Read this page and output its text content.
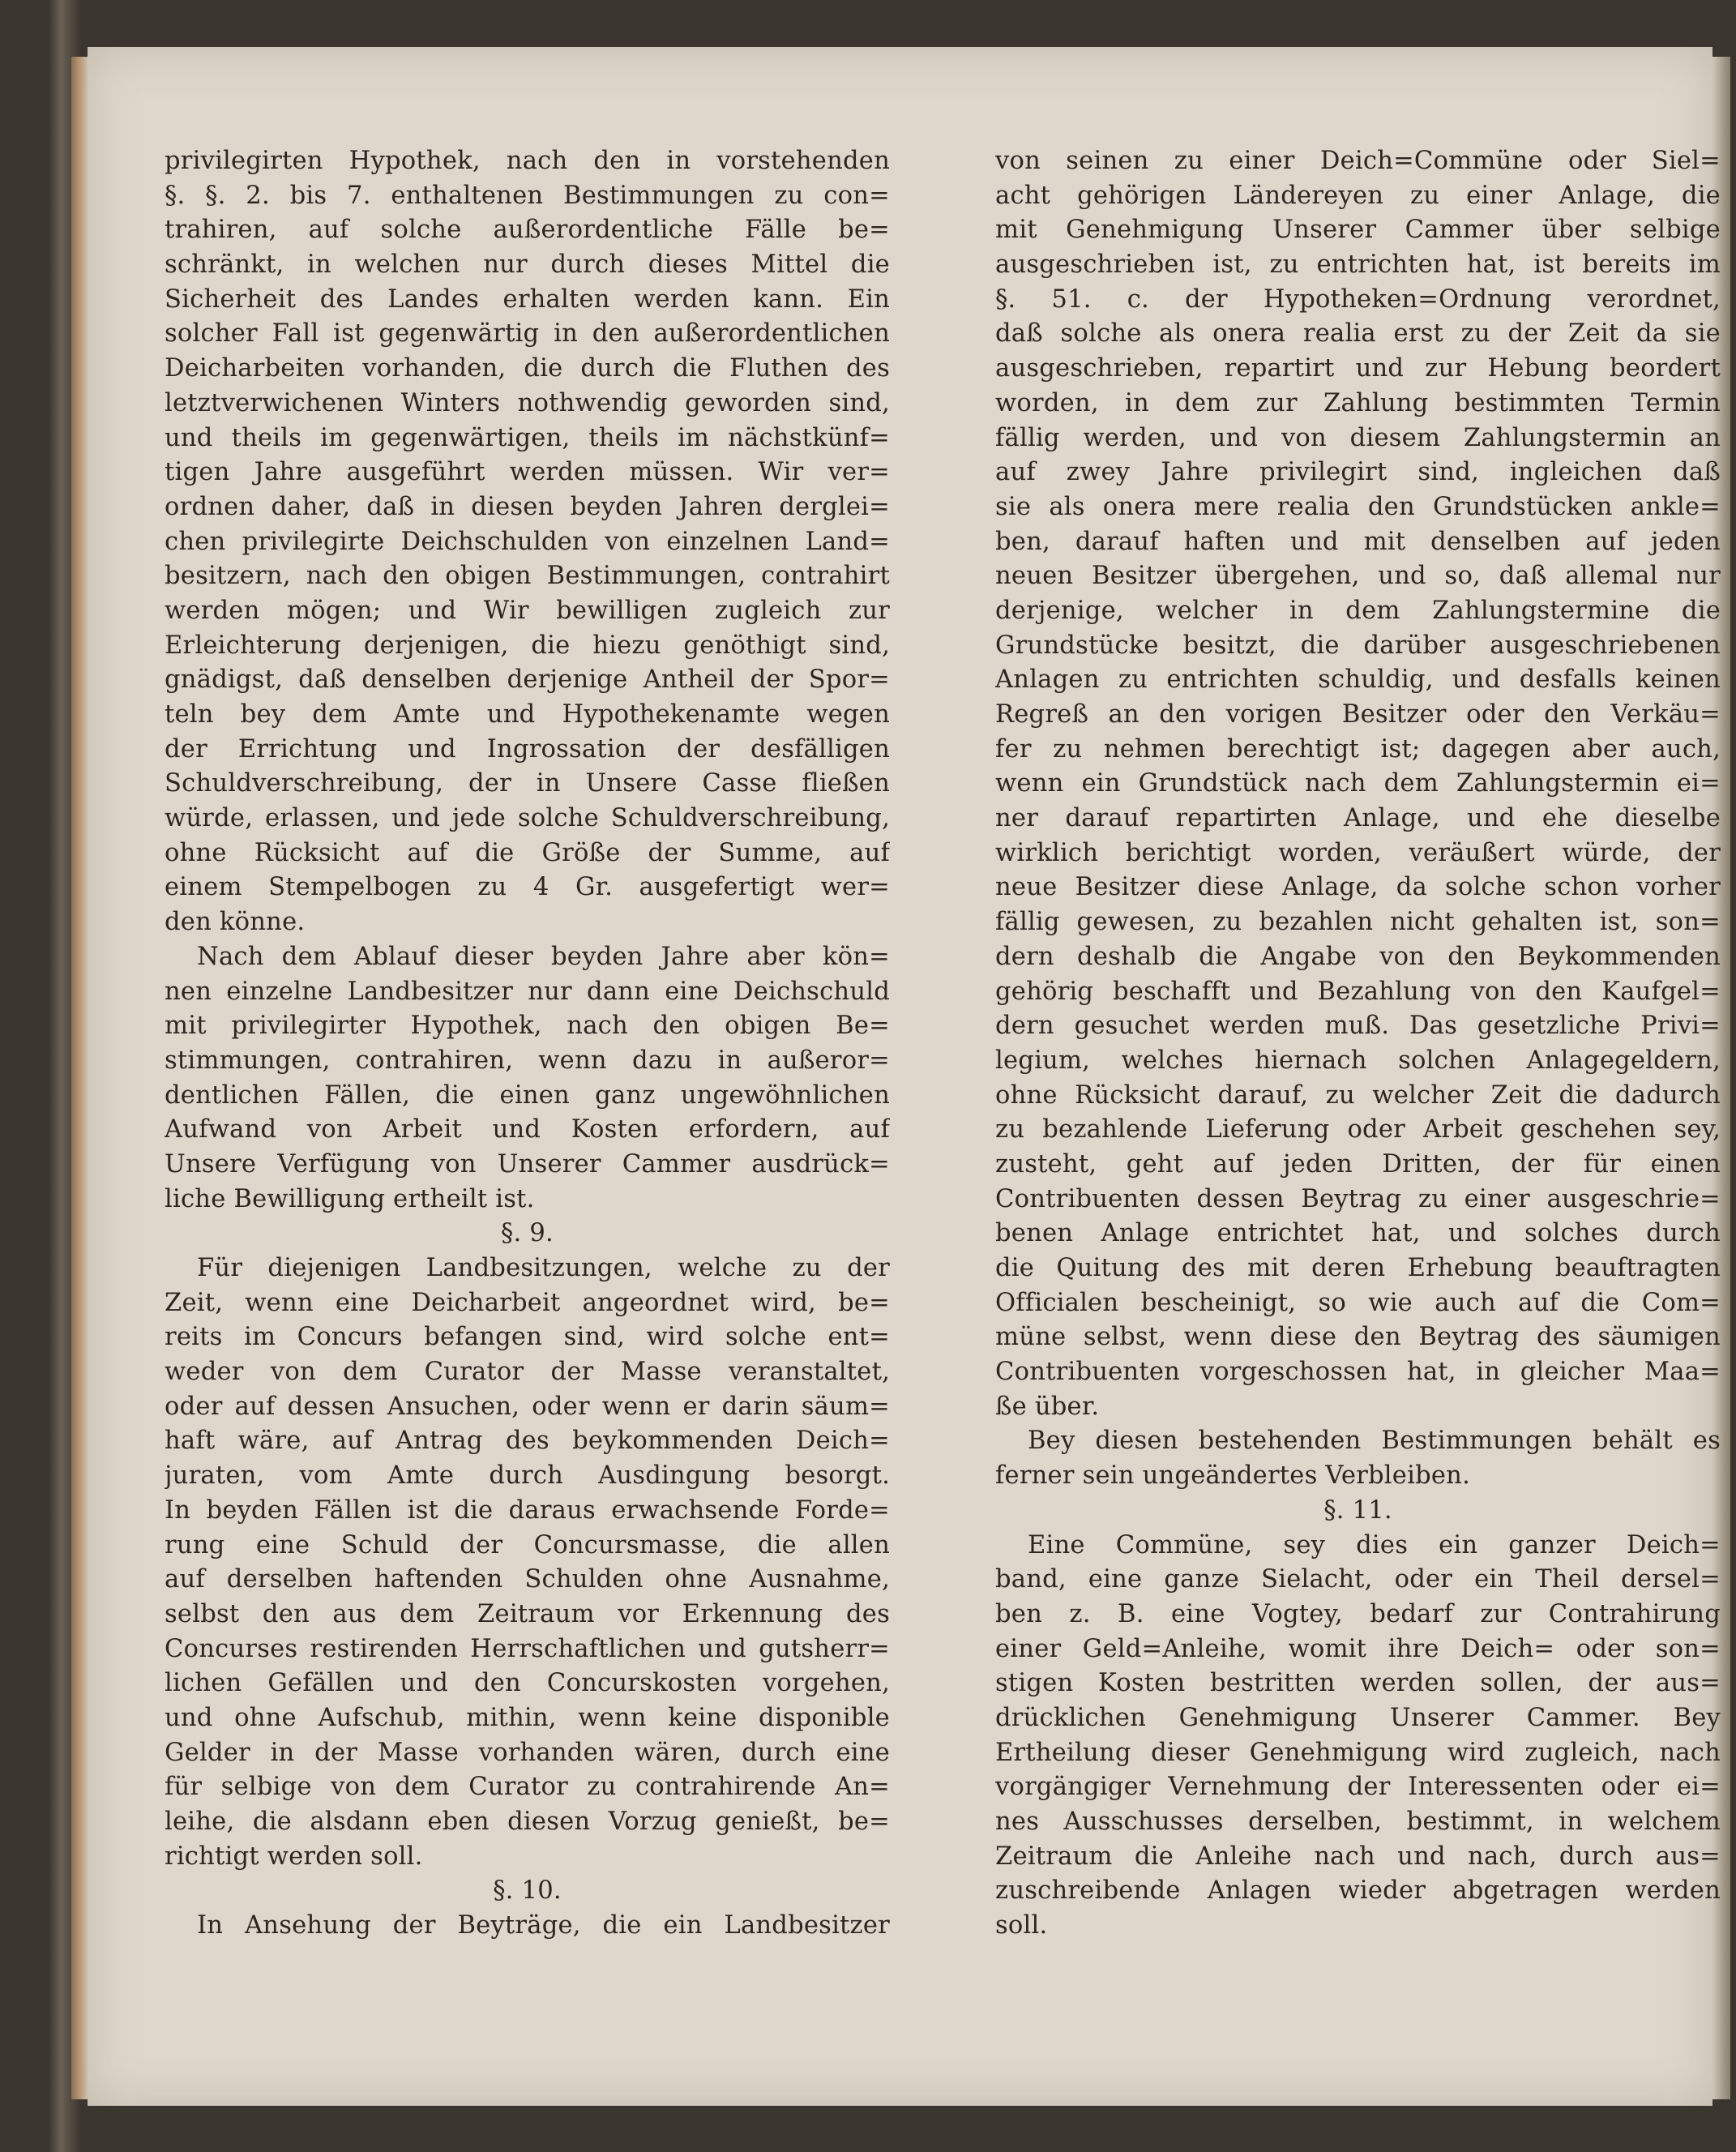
privilegirten Hypothek, nach den in vorstehenden
§. §. 2. bis 7. enthaltenen Bestimmungen zu con=
trahiren, auf solche außerordentliche Fälle be=
schränkt, in welchen nur durch dieses Mittel die
Sicherheit des Landes erhalten werden kann. Ein
solcher Fall ist gegenwärtig in den außerordentlichen
Deicharbeiten vorhanden, die durch die Fluthen des
letztverwichenen Winters nothwendig geworden sind,
und theils im gegenwärtigen, theils im nächstkünf=
tigen Jahre ausgeführt werden müssen. Wir ver=
ordnen daher, daß in diesen beyden Jahren derglei=
chen privilegirte Deichschulden von einzelnen Land=
besitzern, nach den obigen Bestimmungen, contrahirt
werden mögen; und Wir bewilligen zugleich zur
Erleichterung derjenigen, die hiezu genöthigt sind,
gnädigst, daß denselben derjenige Antheil der Spor=
teln bey dem Amte und Hypothekenamte wegen
der Errichtung und Ingrossation der desfälligen
Schuldverschreibung, der in Unsere Casse fließen
würde, erlassen, und jede solche Schuldverschreibung,
ohne Rücksicht auf die Größe der Summe, auf
einem Stempelbogen zu 4 Gr. ausgefertigt wer=
den könne.
Nach dem Ablauf dieser beyden Jahre aber kön=
nen einzelne Landbesitzer nur dann eine Deichschuld
mit privilegirter Hypothek, nach den obigen Be=
stimmungen, contrahiren, wenn dazu in außeror=
dentlichen Fällen, die einen ganz ungewöhnlichen
Aufwand von Arbeit und Kosten erfordern, auf
Unsere Verfügung von Unserer Cammer ausdrück=
liche Bewilligung ertheilt ist.
§. 9.
Für diejenigen Landbesitzungen, welche zu der
Zeit, wenn eine Deicharbeit angeordnet wird, be=
reits im Concurs befangen sind, wird solche ent=
weder von dem Curator der Masse veranstaltet,
oder auf dessen Ansuchen, oder wenn er darin säum=
haft wäre, auf Antrag des beykommenden Deich=
juraten, vom Amte durch Ausdingung besorgt.
In beyden Fällen ist die daraus erwachsende Forde=
rung eine Schuld der Concursmasse, die allen
auf derselben haftenden Schulden ohne Ausnahme,
selbst den aus dem Zeitraum vor Erkennung des
Concurses restirenden Herrschaftlichen und gutsherr=
lichen Gefällen und den Concurskosten vorgehen,
und ohne Aufschub, mithin, wenn keine disponible
Gelder in der Masse vorhanden wären, durch eine
für selbige von dem Curator zu contrahirende An=
leihe, die alsdann eben diesen Vorzug genießt, be=
richtigt werden soll.
§. 10.
In Ansehung der Beyträge, die ein Landbesitzer
von seinen zu einer Deich=Commüne oder Siel=
acht gehörigen Ländereyen zu einer Anlage, die
mit Genehmigung Unserer Cammer über selbige
ausgeschrieben ist, zu entrichten hat, ist bereits im
§. 51. c. der Hypotheken=Ordnung verordnet,
daß solche als onera realia erst zu der Zeit da sie
ausgeschrieben, repartirt und zur Hebung beordert
worden, in dem zur Zahlung bestimmten Termin
fällig werden, und von diesem Zahlungstermin an
auf zwey Jahre privilegirt sind, ingleichen daß
sie als onera mere realia den Grundstücken ankle=
ben, darauf haften und mit denselben auf jeden
neuen Besitzer übergehen, und so, daß allemal nur
derjenige, welcher in dem Zahlungstermine die
Grundstücke besitzt, die darüber ausgeschriebenen
Anlagen zu entrichten schuldig, und desfalls keinen
Regreß an den vorigen Besitzer oder den Verkäu=
fer zu nehmen berechtigt ist; dagegen aber auch,
wenn ein Grundstück nach dem Zahlungstermin ei=
ner darauf repartirten Anlage, und ehe dieselbe
wirklich berichtigt worden, veräußert würde, der
neue Besitzer diese Anlage, da solche schon vorher
fällig gewesen, zu bezahlen nicht gehalten ist, son=
dern deshalb die Angabe von den Beykommenden
gehörig beschafft und Bezahlung von den Kaufgel=
dern gesuchet werden muß. Das gesetzliche Privi=
legium, welches hiernach solchen Anlagegeldern,
ohne Rücksicht darauf, zu welcher Zeit die dadurch
zu bezahlende Lieferung oder Arbeit geschehen sey,
zusteht, geht auf jeden Dritten, der für einen
Contribuenten dessen Beytrag zu einer ausgeschrie=
benen Anlage entrichtet hat, und solches durch
die Quitung des mit deren Erhebung beauftragten
Officialen bescheinigt, so wie auch auf die Com=
müne selbst, wenn diese den Beytrag des säumigen
Contribuenten vorgeschossen hat, in gleicher Maa=
ße über.
Bey diesen bestehenden Bestimmungen behält es
ferner sein ungeändertes Verbleiben.
§. 11.
Eine Commüne, sey dies ein ganzer Deich=
band, eine ganze Sielacht, oder ein Theil dersel=
ben z. B. eine Vogtey, bedarf zur Contrahirung
einer Geld=Anleihe, womit ihre Deich= oder son=
stigen Kosten bestritten werden sollen, der aus=
drücklichen Genehmigung Unserer Cammer. Bey
Ertheilung dieser Genehmigung wird zugleich, nach
vorgängiger Vernehmung der Interessenten oder ei=
nes Ausschusses derselben, bestimmt, in welchem
Zeitraum die Anleihe nach und nach, durch aus=
zuschreibende Anlagen wieder abgetragen werden
soll.
